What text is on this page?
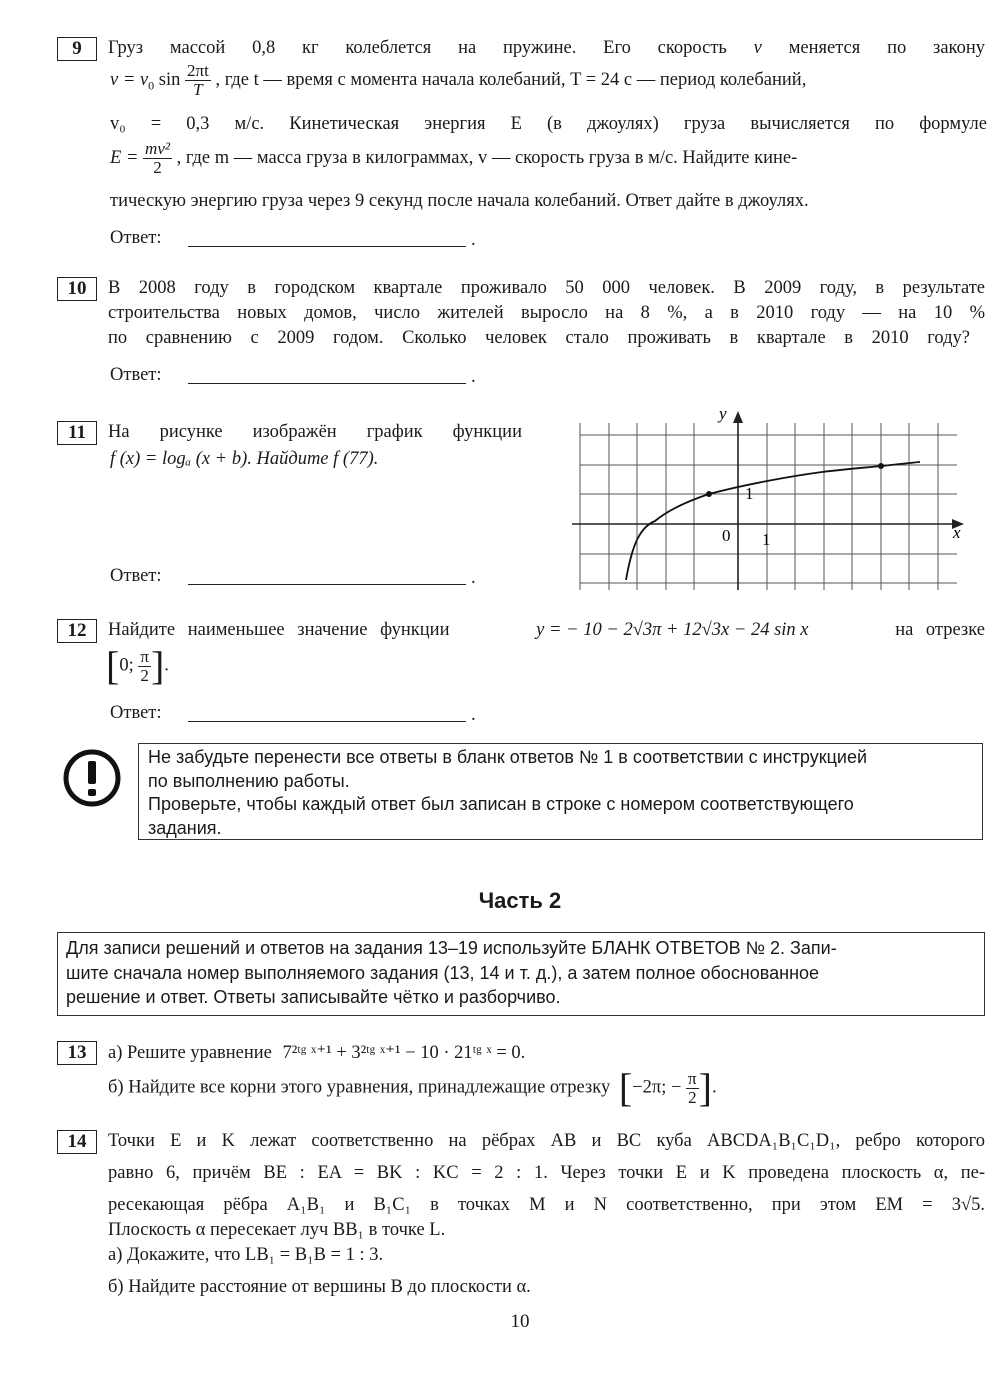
9	Груз массой 0,8 кг колеблется на пружине. Его скорость v меняется по закону
$v = v_0$ $\sin \frac{2\pi t}{T}$ , где t — время с момента начала колебаний, T = 24 с — период колебаний,
v₀ = 0,3 м/с. Кинетическая энергия E (в джоулях) груза вычисляется по формуле
$E = \frac{\text{mv²}}{2}$ , где m — масса груза в килограммах, v — скорость груза в м/с. Найдите кине-
тическую энергию груза через 9 секунд после начала колебаний. Ответ дайте в джоулях.
Ответ:	.
10	В 2008 году в городском квартале проживало 50 000 человек. В 2009 году, в результате
строительства новых домов, число жителей выросло на 8 %, а в 2010 году — на 10 %
по сравнению с 2009 годом. Сколько человек стало проживать в квартале в 2010 году?
Ответ:	.
11	На рисунке изображён график функции
f (x) = logₐ (x + b). Найдите f (77).
y
x
0 1
1
Ответ:	.
12	Найдите наименьшее значение функции	y = − 10 − 2√3π + 12√3x − 24 sin x	на отрезке
[0; $\frac{\pi}{2}$ ].
Ответ:	.
Не забудьте перенести все ответы в бланк ответов № 1 в соответствии с инструкцией
по выполнению работы.
Проверьте, чтобы каждый ответ был записан в строке с номером соответствующего
задания.
Часть 2
Для записи решений и ответов на задания 13–19 используйте БЛАНК ОТВЕТОВ № 2. Запи-
шите сначала номер выполняемого задания (13, 14 и т. д.), а затем полное обоснованное
решение и ответ. Ответы записывайте чётко и разборчиво.
13	а) Решите уравнение 7²ᵗᵍ ˣ⁺¹ + 3²ᵗᵍ ˣ⁺¹ − 10 · 21ᵗᵍ ˣ = 0.
б) Найдите все корни этого уравнения, принадлежащие отрезку [−2π; − $\frac{\pi}{2}$ ].
14	Точки E и K лежат соответственно на рёбрах AB и BC куба ABCDA₁B₁C₁D₁, ребро которого
равно 6, причём BE : EA = BK : KC = 2 : 1. Через точки E и K проведена плоскость α, пе-
ресекающая рёбра A₁B₁ и B₁C₁ в точках M и N соответственно, при этом EM = 3√5.
Плоскость α пересекает луч BB₁ в точке L.
а) Докажите, что LB₁ = B₁B = 1 : 3.
б) Найдите расстояние от вершины B до плоскости α.
10
